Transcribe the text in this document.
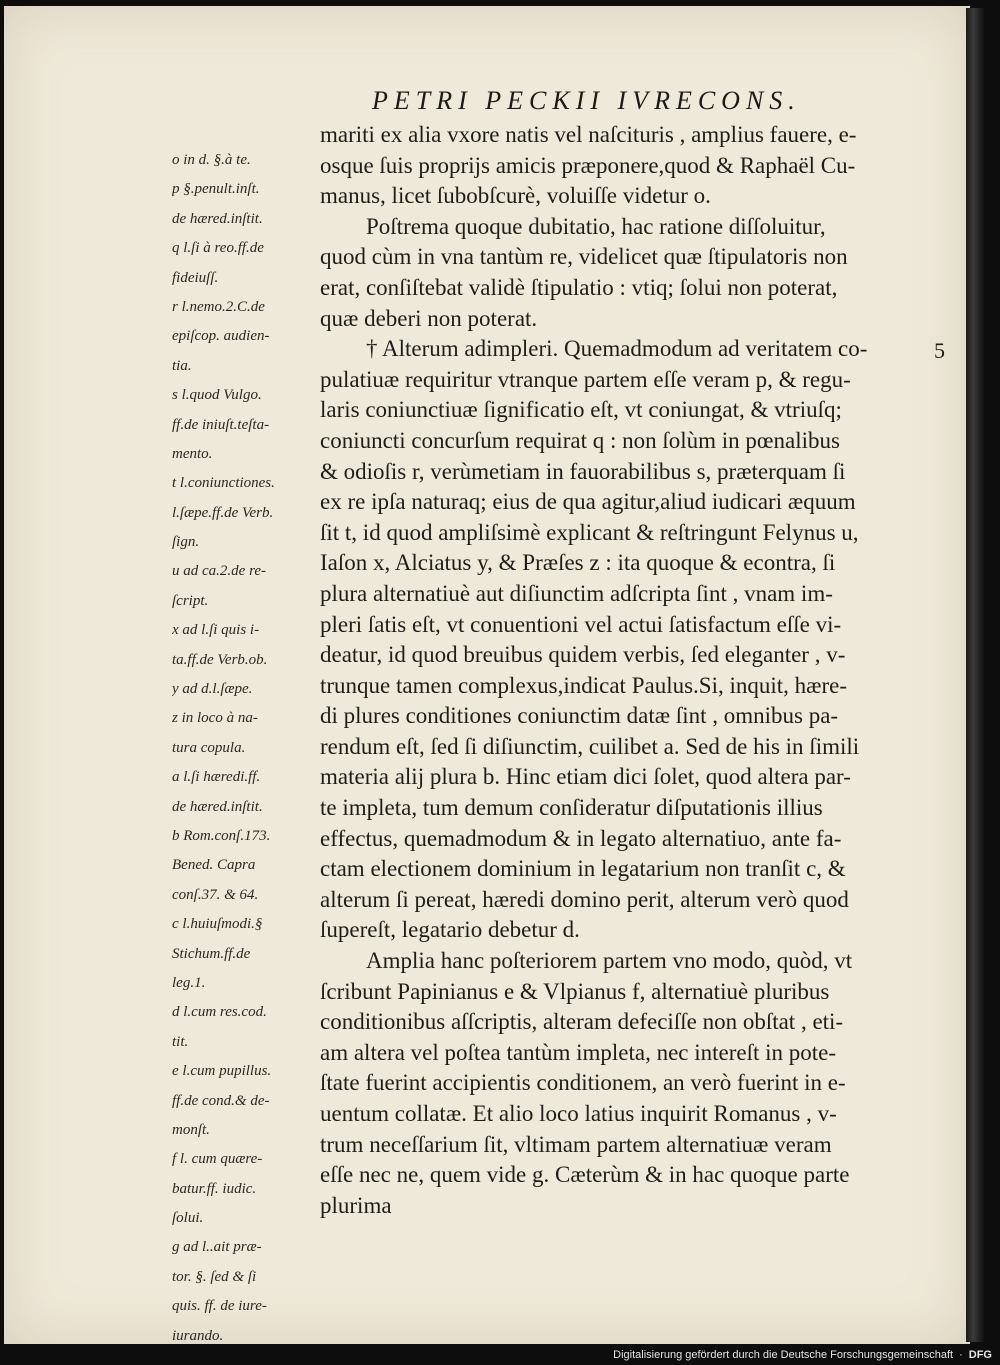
PETRI PECKII IVRECONS.
o in d. §.à te.
p §.penult.inſt.
de hæred.inſtit.
q l.ſi à reo.ff.de
fideiuſſ.
r l.nemo.2.C.de
epiſcop. audien-
tia.
s l.quod Vulgo.
ff.de iniuſt.teſta-
mento.
t l.coniunctiones.
l.ſæpe.ff.de Verb.
ſign.
u ad ca.2.de re-
ſcript.
x ad l.ſi quis i-
ta.ff.de Verb.ob.
y ad d.l.ſæpe.
z in loco à na-
tura copula.
a l.ſi hæredi.ff.
de hæred.inſtit.
b Rom.conſ.173.
Bened. Capra
conſ.37. & 64.
c l.huiuſmodi.§
Stichum.ff.de
leg.1.
d l.cum res.cod.
tit.
e l.cum pupillus.
ff.de cond.& de-
monſt.
f l. cum quære-
batur.ff. iudic.
ſolui.
g ad l..ait præ-
tor. §. ſed & ſi
quis. ff. de iure-
iurando.
mariti ex alia vxore natis vel naſcituris , amplius fauere, e-
osque ſuis proprijs amicis præponere,quod & Raphaël Cu-
manus, licet ſubobſcurè, voluiſſe videtur o.
Poſtrema quoque dubitatio, hac ratione diſſoluitur,
quod cùm in vna tantùm re, videlicet quæ ſtipulatoris non
erat, conſiſtebat validè ſtipulatio : vtiq; ſolui non poterat,
quæ deberi non poterat.
† Alterum adimpleri. Quemadmodum ad veritatem co-
pulatiuæ requiritur vtranque partem eſſe veram p, & regu-
laris coniunctiuæ ſignificatio eſt, vt coniungat, & vtriuſq;
coniuncti concurſum requirat q : non ſolùm in pœnalibus
& odioſis r, verùmetiam in fauorabilibus s, præterquam ſi
ex re ipſa naturaq; eius de qua agitur,aliud iudicari æquum
ſit t, id quod ampliſsimè explicant & reſtringunt Felynus u,
Iaſon x, Alciatus y, & Præſes z : ita quoque & econtra, ſi
plura alternatiuè aut diſiunctim adſcripta ſint , vnam im-
pleri ſatis eſt, vt conuentioni vel actui ſatisfactum eſſe vi-
deatur, id quod breuibus quidem verbis, ſed eleganter , v-
trunque tamen complexus,indicat Paulus.Si, inquit, hære-
di plures conditiones coniunctim datæ ſint , omnibus pa-
rendum eſt, ſed ſi diſiunctim, cuilibet a. Sed de his in ſimili
materia alij plura b. Hinc etiam dici ſolet, quod altera par-
te impleta, tum demum conſideratur diſputationis illius
effectus, quemadmodum & in legato alternatiuo, ante fa-
ctam electionem dominium in legatarium non tranſit c, &
alterum ſi pereat, hæredi domino perit, alterum verò quod
ſupereſt, legatario debetur d.
Amplia hanc poſteriorem partem vno modo, quòd, vt
ſcribunt Papinianus e & Vlpianus f, alternatiuè pluribus
conditionibus aſſcriptis, alteram defeciſſe non obſtat , eti-
am altera vel poſtea tantùm impleta, nec intereſt in pote-
ſtate fuerint accipientis conditionem, an verò fuerint in e-
uentum collatæ. Et alio loco latius inquirit Romanus , v-
trum neceſſarium ſit, vltimam partem alternatiuæ veram
eſſe nec ne, quem vide g. Cæterùm & in hac quoque parte
plurima
5
Digitalisierung gefördert durch die Deutsche Forschungsgemeinschaft · DFG
